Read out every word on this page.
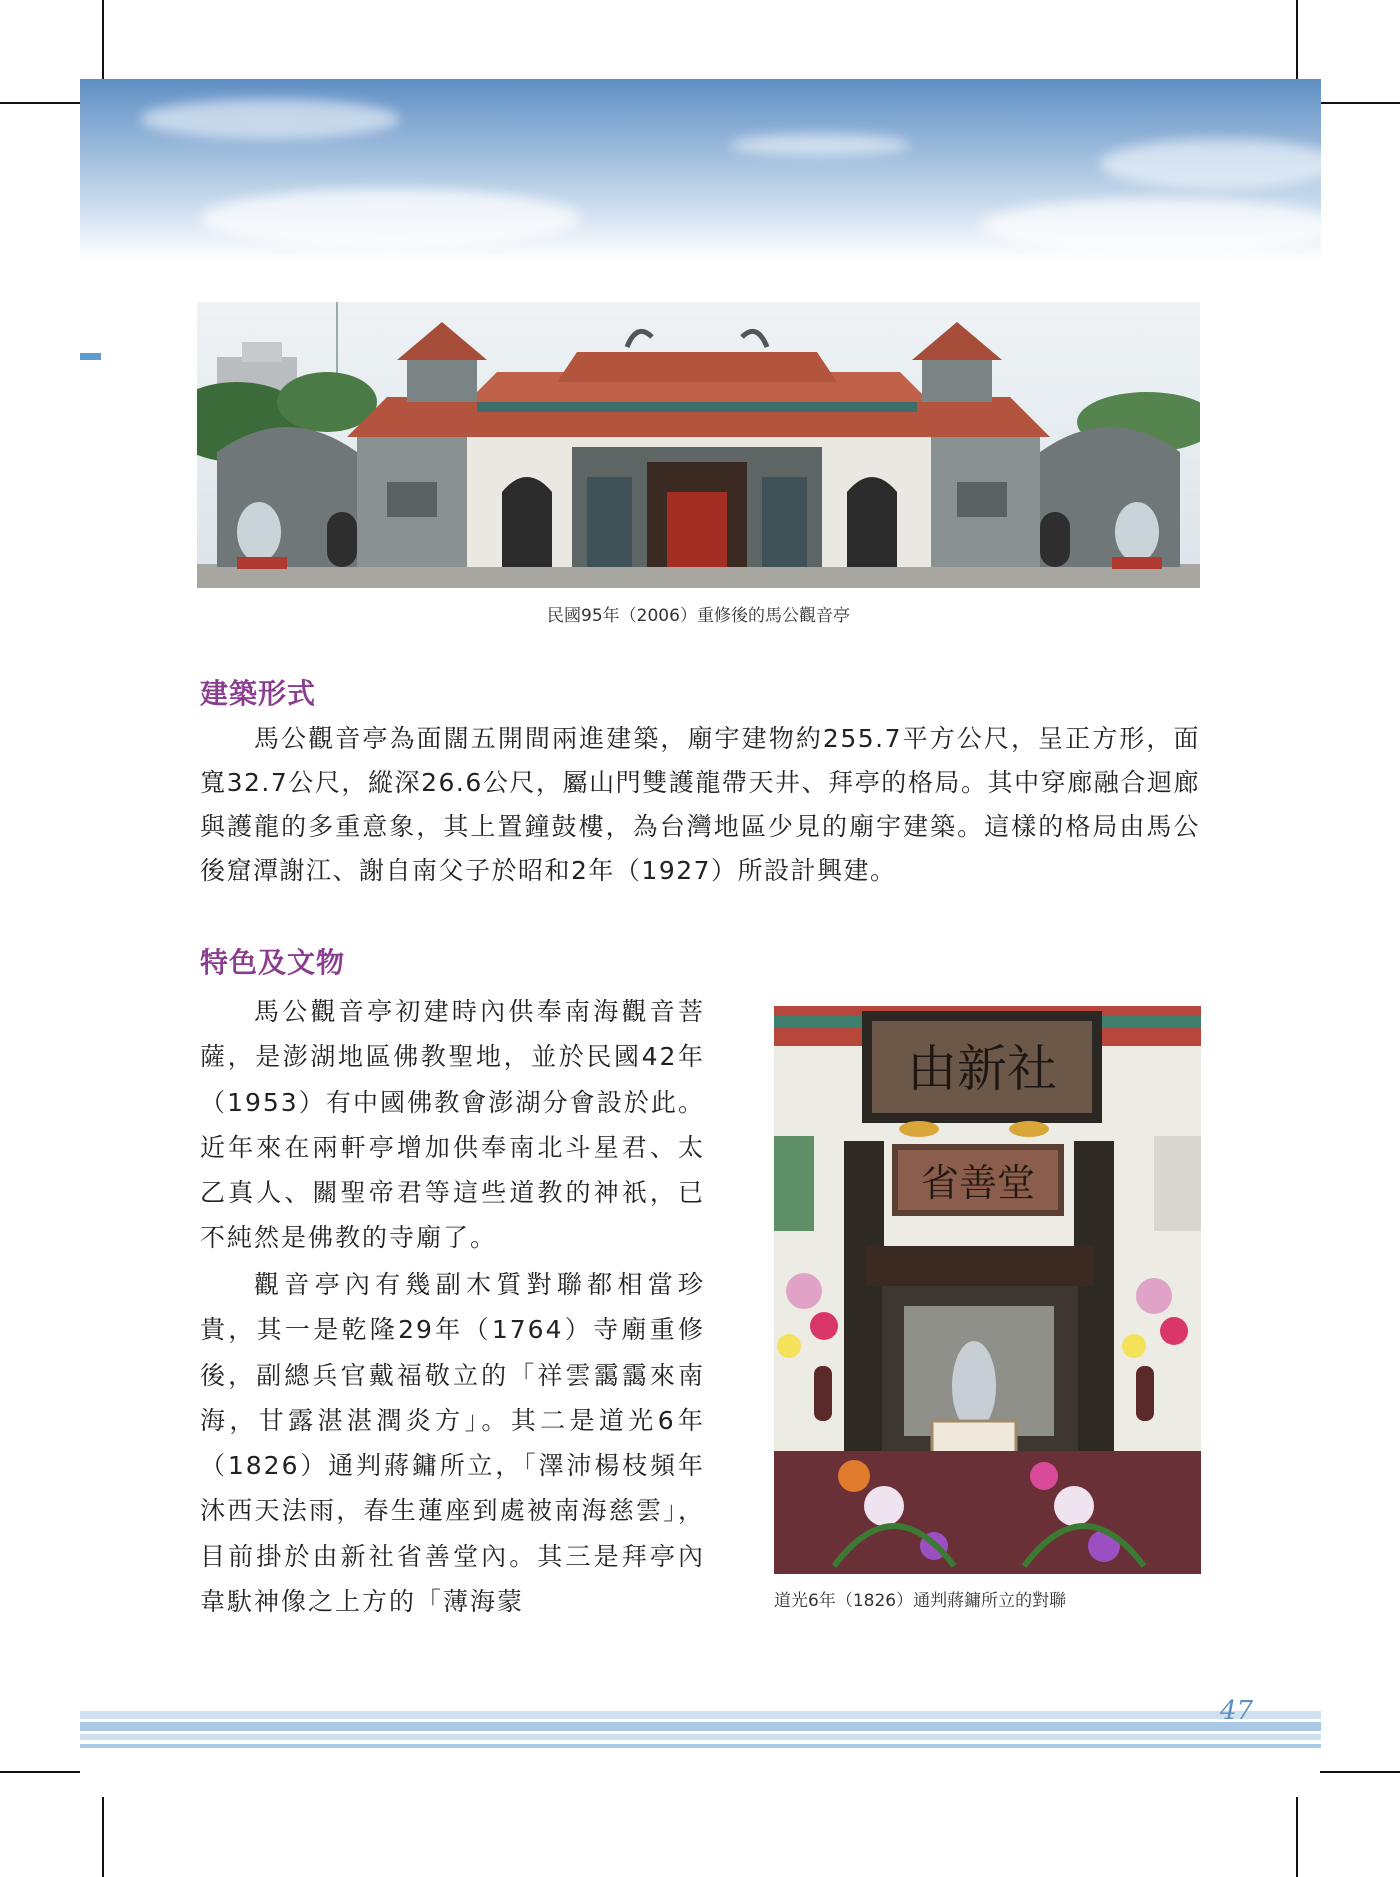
民國95年（2006）重修後的馬公觀音亭
建築形式

馬公觀音亭為面闊五開間兩進建築，廟宇建物約255.7平方公尺，呈正方形，面寬32.7公尺，縱深26.6公尺，屬山門雙護龍帶天井、拜亭的格局。其中穿廊融合迴廊與護龍的多重意象，其上置鐘鼓樓，為台灣地區少見的廟宇建築。這樣的格局由馬公後窟潭謝江、謝自南父子於昭和2年（1927）所設計興建。

特色及文物

馬公觀音亭初建時內供奉南海觀音菩薩，是澎湖地區佛教聖地，並於民國42年（1953）有中國佛教會澎湖分會設於此。近年來在兩軒亭增加供奉南北斗星君、太乙真人、關聖帝君等這些道教的神祇，已不純然是佛教的寺廟了。

觀音亭內有幾副木質對聯都相當珍貴，其一是乾隆29年（1764）寺廟重修後，副總兵官戴福敬立的「祥雲靄靄來南海，甘露湛湛潤炎方」。其二是道光6年（1826）通判蔣鏞所立，「澤沛楊枝頻年沐西天法雨，春生蓮座到處被南海慈雲」，目前掛於由新社省善堂內。其三是拜亭內韋馱神像之上方的「薄海蒙

由新社
省善堂
道光6年（1826）通判蔣鏞所立的對聯
47
